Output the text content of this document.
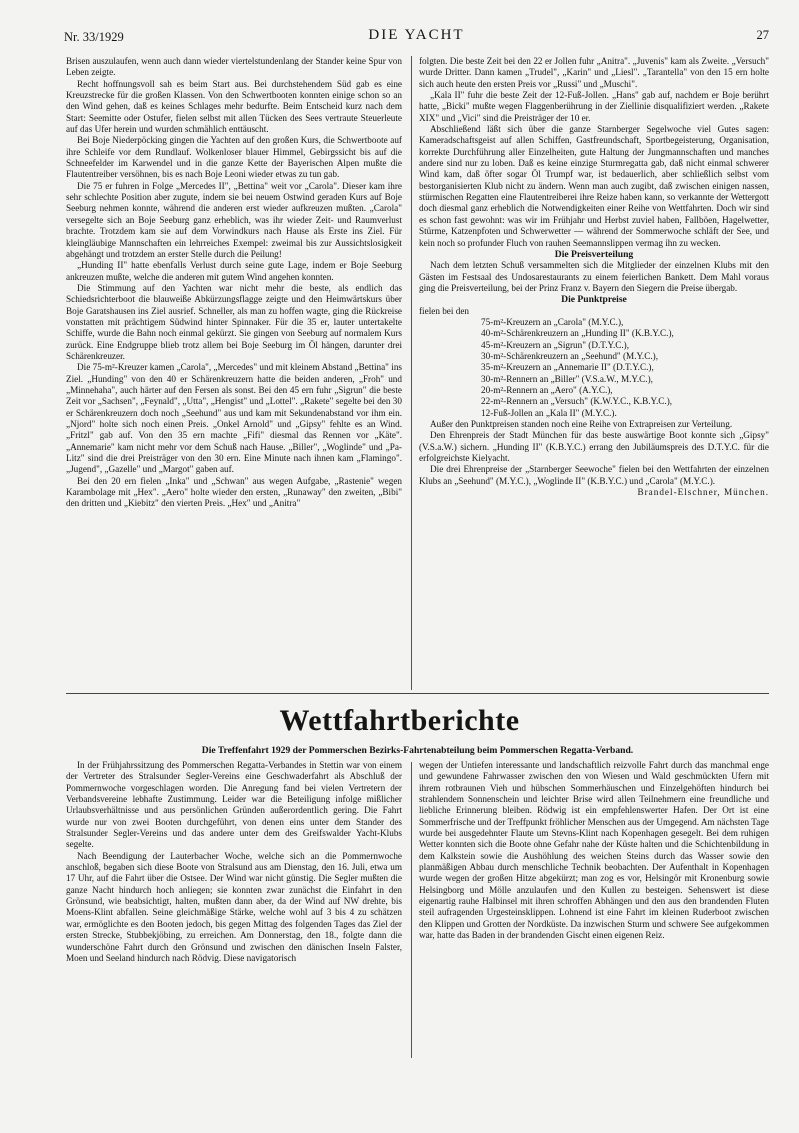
Nr. 33/1929	DIE YACHT	27

Brisen auszulaufen, wenn auch dann wieder viertelstundenlang der Stander keine Spur von Leben zeigte.

Recht hoffnungsvoll sah es beim Start aus. Bei durchstehendem Süd gab es eine Kreuzstrecke für die großen Klassen. Von den Schwertbooten konnten einige schon so an den Wind gehen, daß es keines Schlages mehr bedurfte. Beim Entscheid kurz nach dem Start: Seemitte oder Ostufer, fielen selbst mit allen Tücken des Sees vertraute Steuerleute auf das Ufer herein und wurden schmählich enttäuscht.

Bei Boje Niederpöcking gingen die Yachten auf den großen Kurs, die Schwertboote auf ihre Schleife vor dem Rundlauf. Wolkenloser blauer Himmel, Gebirgssicht bis auf die Schneefelder im Karwendel und in die ganze Kette der Bayerischen Alpen mußte die Flautentreiber versöhnen, bis es nach Boje Leoni wieder etwas zu tun gab.

Die 75 er fuhren in Folge „Mercedes II", „Bettina" weit vor „Carola". Dieser kam ihre sehr schlechte Position aber zugute, indem sie bei neuem Ostwind geraden Kurs auf Boje Seeburg nehmen konnte, während die anderen erst wieder aufkreuzen mußten. „Carola" versegelte sich an Boje Seeburg ganz erheblich, was ihr wieder Zeit- und Raumverlust brachte. Trotzdem kam sie auf dem Vorwindkurs nach Hause als Erste ins Ziel. Für kleingläubige Mannschaften ein lehrreiches Exempel: zweimal bis zur Aussichtslosigkeit abgehängt und trotzdem an erster Stelle durch die Peilung!

„Hunding II" hatte ebenfalls Verlust durch seine gute Lage, indem er Boje Seeburg ankreuzen mußte, welche die anderen mit gutem Wind angehen konnten.

Die Stimmung auf den Yachten war nicht mehr die beste, als endlich das Schiedsrichterboot die blauweiße Abkürzungsflagge zeigte und den Heimwärtskurs über Boje Garatshausen ins Ziel ausrief. Schneller, als man zu hoffen wagte, ging die Rückreise vonstatten mit prächtigem Südwind hinter Spinnaker. Für die 35 er, lauter untertakelte Schiffe, wurde die Bahn noch einmal gekürzt. Sie gingen von Seeburg auf normalem Kurs zurück. Eine Endgruppe blieb trotz allem bei Boje Seeburg im Öl hängen, darunter drei Schärenkreuzer.

Die 75-m²-Kreuzer kamen „Carola", „Mercedes" und mit kleinem Abstand „Bettina" ins Ziel. „Hunding" von den 40 er Schärenkreuzern hatte die beiden anderen, „Froh" und „Minnehaha", auch härter auf den Fersen als sonst. Bei den 45 ern fuhr „Sigrun" die beste Zeit vor „Sachsen", „Feynald", „Utta", „Hengist" und „Lottel". „Rakete" segelte bei den 30 er Schärenkreuzern doch noch „Seehund" aus und kam mit Sekundenabstand vor ihm ein. „Njord" holte sich noch einen Preis. „Onkel Arnold" und „Gipsy" fehlte es an Wind. „Fritzl" gab auf. Von den 35 ern machte „Fifi" diesmal das Rennen vor „Käte". „Annemarie" kam nicht mehr vor dem Schuß nach Hause. „Biller", „Woglinde" und „Pa-Litz" sind die drei Preisträger von den 30 ern. Eine Minute nach ihnen kam „Flamingo". „Jugend", „Gazelle" und „Margot" gaben auf.

Bei den 20 ern fielen „Inka" und „Schwan" aus wegen Aufgabe, „Rastenie" wegen Karambolage mit „Hex". „Aero" holte wieder den ersten, „Runaway" den zweiten, „Bibi" den dritten und „Kiebitz" den vierten Preis. „Hex" und „Anitra"

folgten. Die beste Zeit bei den 22 er Jollen fuhr „Anitra". „Juvenis" kam als Zweite. „Versuch" wurde Dritter. Dann kamen „Trudel", „Karin" und „Liesl". „Tarantella" von den 15 ern holte sich auch heute den ersten Preis vor „Russi" und „Muschi".

„Kala II" fuhr die beste Zeit der 12-Fuß-Jollen. „Hans" gab auf, nachdem er Boje berührt hatte, „Bicki" mußte wegen Flaggenberührung in der Ziellinie disqualifiziert werden. „Rakete XIX" und „Vici" sind die Preisträger der 10 er.

Abschließend läßt sich über die ganze Starnberger Segelwoche viel Gutes sagen: Kameradschaftsgeist auf allen Schiffen, Gastfreundschaft, Sportbegeisterung, Organisation, korrekte Durchführung aller Einzelheiten, gute Haltung der Jungmannschaften und manches andere sind nur zu loben. Daß es keine einzige Sturmregatta gab, daß nicht einmal schwerer Wind kam, daß öfter sogar Öl Trumpf war, ist bedauerlich, aber schließlich selbst vom bestorganisierten Klub nicht zu ändern. Wenn man auch zugibt, daß zwischen einigen nassen, stürmischen Regatten eine Flautentreiberei ihre Reize haben kann, so verkannte der Wettergott doch diesmal ganz erheblich die Notwendigkeiten einer Reihe von Wettfahrten. Doch wir sind es schon fast gewohnt: was wir im Frühjahr und Herbst zuviel haben, Fallböen, Hagelwetter, Stürme, Katzenpfoten und Schwerwetter — während der Sommerwoche schläft der See, und kein noch so profunder Fluch von rauhen Seemannslippen vermag ihn zu wecken.

Die Preisverteilung

Nach dem letzten Schuß versammelten sich die Mitglieder der einzelnen Klubs mit den Gästen im Festsaal des Undosarestaurants zu einem feierlichen Bankett. Dem Mahl voraus ging die Preisverteilung, bei der Prinz Franz v. Bayern den Siegern die Preise übergab.

Die Punktpreise

fielen bei den

75-m²-Kreuzern an „Carola" (M.Y.C.),
40-m²-Schärenkreuzern an „Hunding II" (K.B.Y.C.),
45-m²-Kreuzern an „Sigrun" (D.T.Y.C.),
30-m²-Schärenkreuzern an „Seehund" (M.Y.C.),
35-m²-Kreuzern an „Annemarie II" (D.T.Y.C.),
30-m²-Rennern an „Biller" (V.S.a.W., M.Y.C.),
20-m²-Rennern an „Aero" (A.Y.C.),
22-m²-Rennern an „Versuch" (K.W.Y.C., K.B.Y.C.),
12-Fuß-Jollen an „Kala II" (M.Y.C.).

Außer den Punktpreisen standen noch eine Reihe von Extrapreisen zur Verteilung.

Den Ehrenpreis der Stadt München für das beste auswärtige Boot konnte sich „Gipsy" (V.S.a.W.) sichern. „Hunding II" (K.B.Y.C.) errang den Jubiläumspreis des D.T.Y.C. für die erfolgreichste Kielyacht.

Die drei Ehrenpreise der „Starnberger Seewoche" fielen bei den Wettfahrten der einzelnen Klubs an „Seehund" (M.Y.C.), „Woglinde II" (K.B.Y.C.) und „Carola" (M.Y.C.).

Brandel-Elschner, München.

Wettfahrtberichte
Die Treffenfahrt 1929 der Pommerschen Bezirks-Fahrtenabteilung beim Pommerschen Regatta-Verband.

In der Frühjahrssitzung des Pommerschen Regatta-Verbandes in Stettin war von einem der Vertreter des Stralsunder Segler-Vereins eine Geschwaderfahrt als Abschluß der Pommernwoche vorgeschlagen worden. Die Anregung fand bei vielen Vertretern der Verbandsvereine lebhafte Zustimmung. Leider war die Beteiligung infolge mißlicher Urlaubsverhältnisse und aus persönlichen Gründen außerordentlich gering. Die Fahrt wurde nur von zwei Booten durchgeführt, von denen eins unter dem Stander des Stralsunder Segler-Vereins und das andere unter dem des Greifswalder Yacht-Klubs segelte.

Nach Beendigung der Lauterbacher Woche, welche sich an die Pommernwoche anschloß, begaben sich diese Boote von Stralsund aus am Dienstag, den 16. Juli, etwa um 17 Uhr, auf die Fahrt über die Ostsee. Der Wind war nicht günstig. Die Segler mußten die ganze Nacht hindurch hoch anliegen; sie konnten zwar zunächst die Einfahrt in den Grönsund, wie beabsichtigt, halten, mußten dann aber, da der Wind auf NW drehte, bis Moens-Klint abfallen. Seine gleichmäßige Stärke, welche wohl auf 3 bis 4 zu schätzen war, ermöglichte es den Booten jedoch, bis gegen Mittag des folgenden Tages das Ziel der ersten Strecke, Stubbekjöbing, zu erreichen. Am Donnerstag, den 18., folgte dann die wunderschöne Fahrt durch den Grönsund und zwischen den dänischen Inseln Falster, Moen und Seeland hindurch nach Rödvig. Diese navigatorisch

wegen der Untiefen interessante und landschaftlich reizvolle Fahrt durch das manchmal enge und gewundene Fahrwasser zwischen den von Wiesen und Wald geschmückten Ufern mit ihrem rotbraunen Vieh und hübschen Sommerhäuschen und Einzelgehöften hindurch bei strahlendem Sonnenschein und leichter Brise wird allen Teilnehmern eine freundliche und liebliche Erinnerung bleiben. Rödwig ist ein empfehlenswerter Hafen. Der Ort ist eine Sommerfrische und der Treffpunkt fröhlicher Menschen aus der Umgegend. Am nächsten Tage wurde bei ausgedehnter Flaute um Stevns-Klint nach Kopenhagen gesegelt. Bei dem ruhigen Wetter konnten sich die Boote ohne Gefahr nahe der Küste halten und die Schichtenbildung in dem Kalkstein sowie die Aushöhlung des weichen Steins durch das Wasser sowie den planmäßigen Abbau durch menschliche Technik beobachten. Der Aufenthalt in Kopenhagen wurde wegen der großen Hitze abgekürzt; man zog es vor, Helsingör mit Kronenburg sowie Helsingborg und Mölle anzulaufen und den Kullen zu besteigen. Sehenswert ist diese eigenartig rauhe Halbinsel mit ihren schroffen Abhängen und den aus den brandenden Fluten steil aufragenden Urgesteinsklippen. Lohnend ist eine Fahrt im kleinen Ruderboot zwischen den Klippen und Grotten der Nordküste. Da inzwischen Sturm und schwere See aufgekommen war, hatte das Baden in der brandenden Gischt einen eigenen Reiz.
